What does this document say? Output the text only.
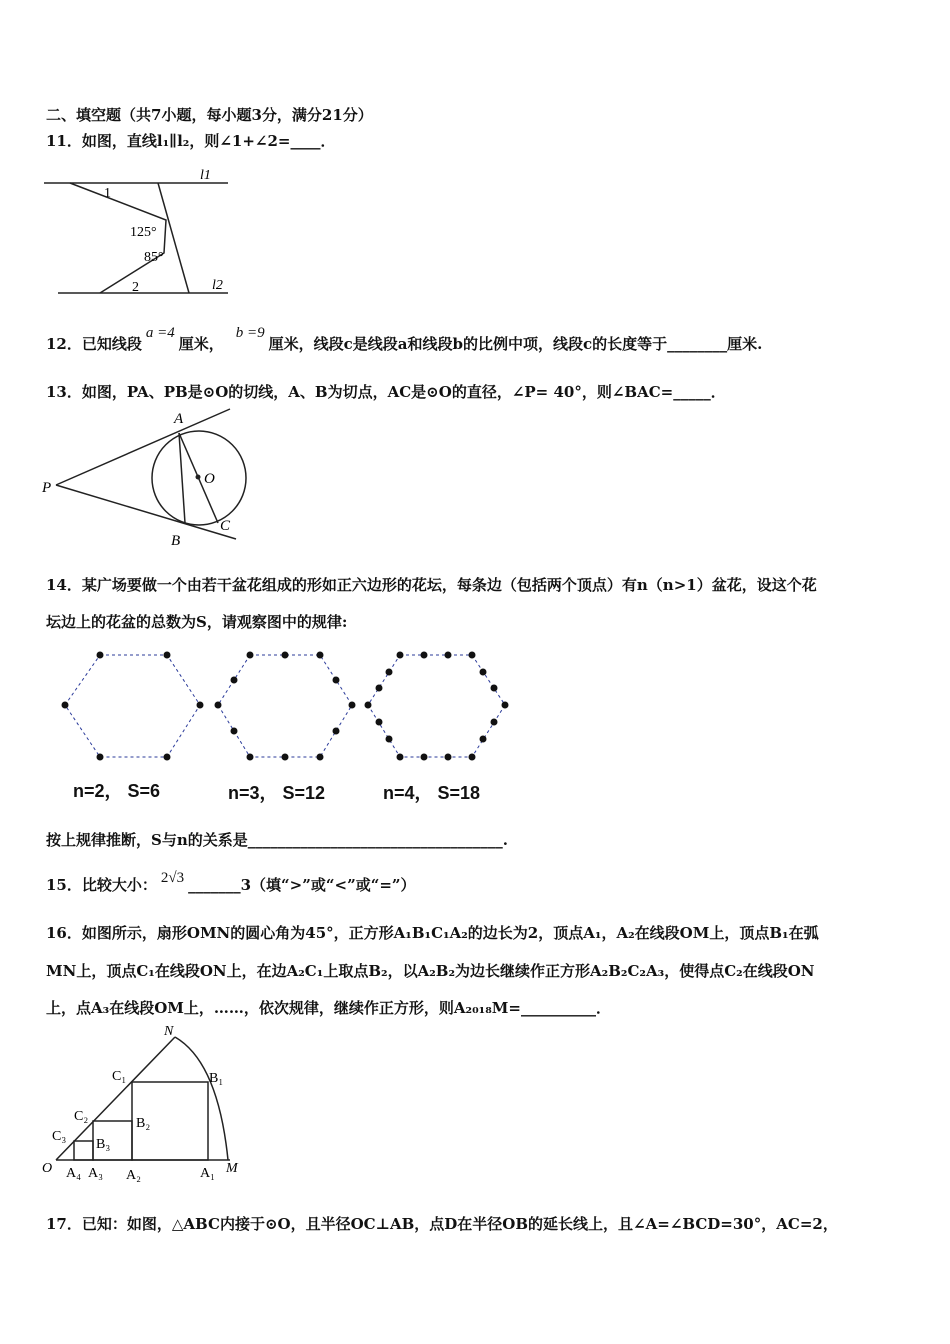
二、填空题（共7小题，每小题3分，满分21分）
11．如图，直线l₁∥l₂，则∠1+∠2=____．
l1
l2
1
125°
85°
2
12．已知线段a =4厘米，b =9厘米，线段c是线段a和线段b的比例中项，线段c的长度等于________厘米.
13．如图，PA、PB是⊙O的切线，A、B为切点，AC是⊙O的直径，∠P= 40°，则∠BAC=_____．
A
B
C
O
P
14．某广场要做一个由若干盆花组成的形如正六边形的花坛，每条边（包括两个顶点）有n（n>1）盆花，设这个花
坛边上的花盆的总数为S，请观察图中的规律:
n=2， S=6	n=3， S=12	n=4， S=18
按上规律推断，S与n的关系是__________________________________.
15．比较大小： 2√3 _______3（填“>”或“<”或“=”）
16．如图所示，扇形OMN的圆心角为45°，正方形A₁B₁C₁A₂的边长为2，顶点A₁，A₂在线段OM上，顶点B₁在弧
MN上，顶点C₁在线段ON上，在边A₂C₁上取点B₂，以A₂B₂为边长继续作正方形A₂B₂C₂A₃，使得点C₂在线段ON
上，点A₃在线段OM上，……，依次规律，继续作正方形，则A₂₀₁₈M=__________．
O	M
N
A₁
A₂
A₃
A₄
B₁
B₂
B₃
C₁
C₂
C₃
17．已知：如图，△ABC内接于⊙O，且半径OC⊥AB，点D在半径OB的延长线上，且∠A=∠BCD=30°，AC=2，
